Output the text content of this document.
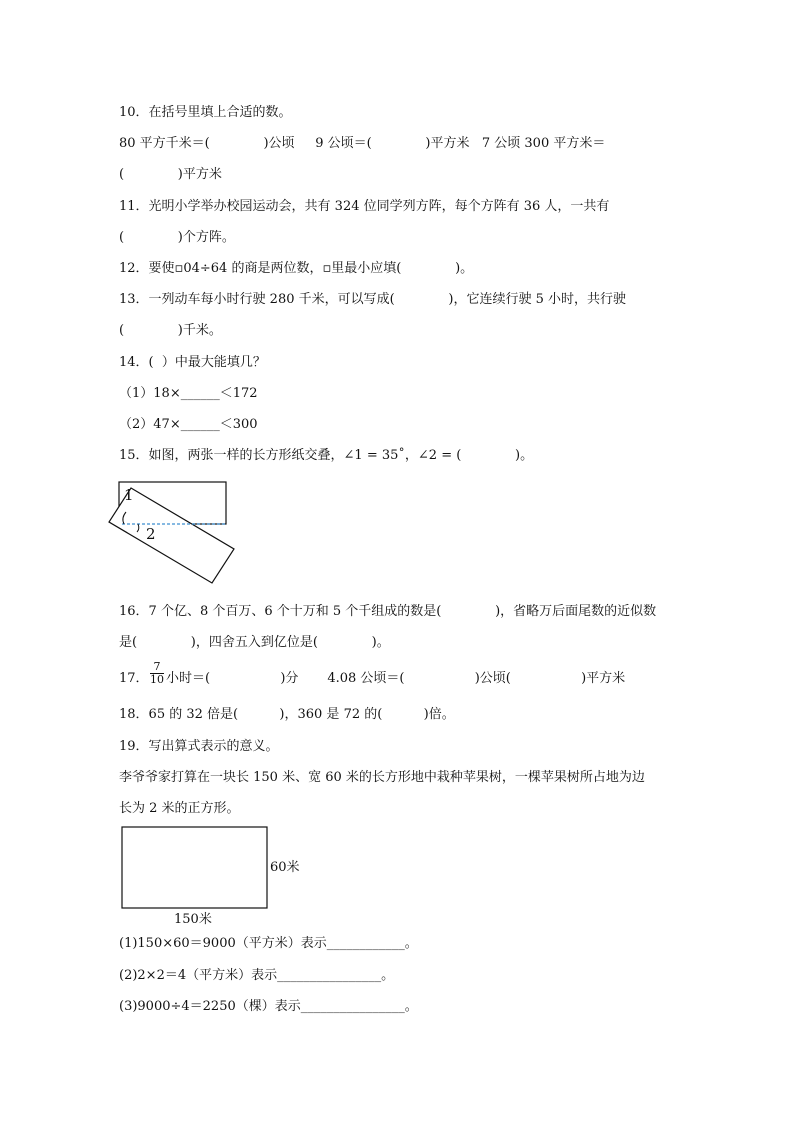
10．在括号里填上合适的数。
80 平方千米＝(             )公顷     9 公顷＝(             )平方米   7 公顷 300 平方米＝
(             )平方米
11．光明小学举办校园运动会，共有 324 位同学列方阵，每个方阵有 36 人，一共有
(             )个方阵。
12．要使▫04÷64 的商是两位数，▫里最小应填(             )。
13．一列动车每小时行驶 280 千米，可以写成(             )，它连续行驶 5 小时，共行驶
(             )千米。
14．(  ）中最大能填几？
（1）18×______＜172
（2）47×______＜300
15．如图，两张一样的长方形纸交叠，∠1 = 35˚，∠2 = (             )。
1
2
16．7 个亿、8 个百万、6 个十万和 5 个千组成的数是(             )，省略万后面尾数的近似数
是(             )，四舍五入到亿位是(             )。
17． $\frac{7}{10}$ 小时＝(                 )分       4.08 公顷＝(                 )公顷(                 )平方米
18．65 的 32 倍是(          )，360 是 72 的(          )倍。
19．写出算式表示的意义。
李爷爷家打算在一块长 150 米、宽 60 米的长方形地中栽种苹果树，一棵苹果树所占地为边
长为 2 米的正方形。
60米
150米
(1)150×60＝9000（平方米）表示____________。
(2)2×2＝4（平方米）表示________________。
(3)9000÷4＝2250（棵）表示________________。
